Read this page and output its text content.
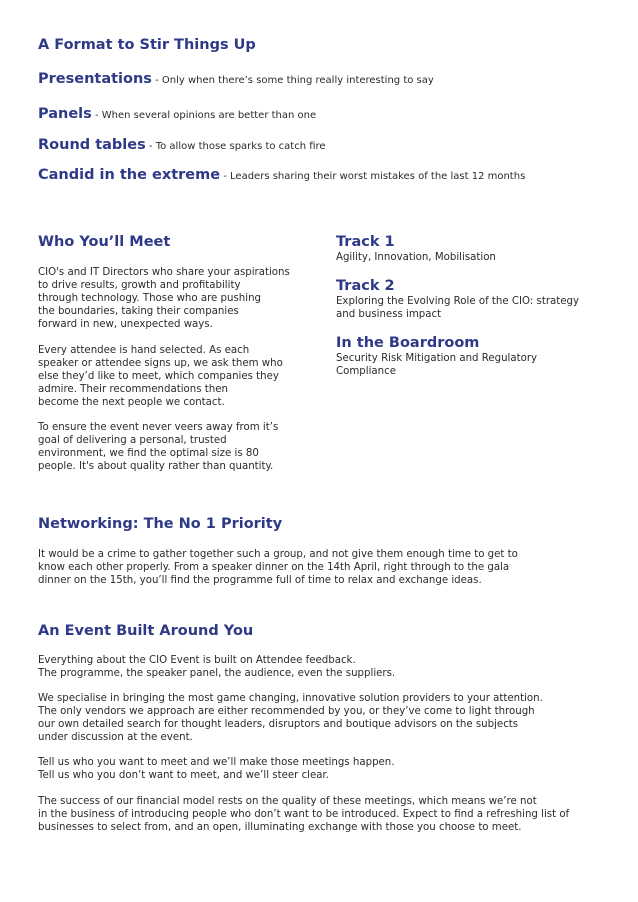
A Format to Stir Things Up
Presentations - Only when there’s some thing really interesting to say
Panels - When several opinions are better than one
Round tables - To allow those sparks to catch fire
Candid in the extreme - Leaders sharing their worst mistakes of the last 12 months
Who You’ll Meet

CIO's and IT Directors who share your aspirations
to drive results, growth and profitability
through technology. Those who are pushing
the boundaries, taking their companies
forward in new, unexpected ways.

Every attendee is hand selected. As each
speaker or attendee signs up, we ask them who
else they’d like to meet, which companies they
admire. Their recommendations then
become the next people we contact.

To ensure the event never veers away from it’s
goal of delivering a personal, trusted
environment, we find the optimal size is 80
people. It's about quality rather than quantity.

Track 1
Agility, Innovation, Mobilisation
Track 2
Exploring the Evolving Role of the CIO: strategy
and business impact
In the Boardroom
Security Risk Mitigation and Regulatory
Compliance
Networking: The No 1 Priority
It would be a crime to gather together such a group, and not give them enough time to get to
know each other properly. From a speaker dinner on the 14th April, right through to the gala
dinner on the 15th, you’ll find the programme full of time to relax and exchange ideas.
An Event Built Around You
Everything about the CIO Event is built on Attendee feedback.
The programme, the speaker panel, the audience, even the suppliers.
We specialise in bringing the most game changing, innovative solution providers to your attention.
The only vendors we approach are either recommended by you, or they’ve come to light through
our own detailed search for thought leaders, disruptors and boutique advisors on the subjects
under discussion at the event.
Tell us who you want to meet and we’ll make those meetings happen.
Tell us who you don’t want to meet, and we’ll steer clear.
The success of our financial model rests on the quality of these meetings, which means we’re not
in the business of introducing people who don’t want to be introduced. Expect to find a refreshing list of
businesses to select from, and an open, illuminating exchange with those you choose to meet.
